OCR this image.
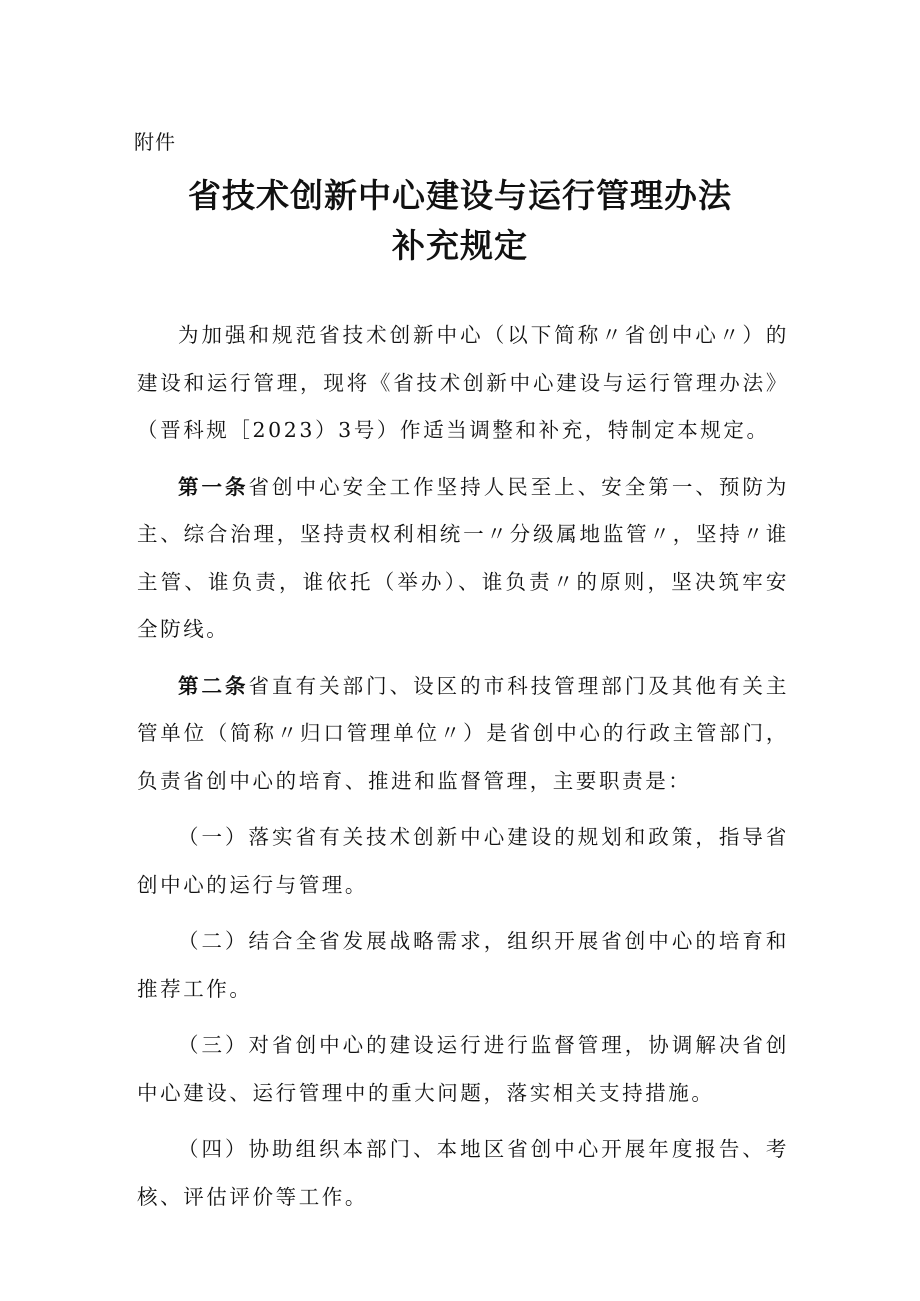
附件
省技术创新中心建设与运行管理办法
补充规定

为加强和规范省技术创新中心（以下简称〃省创中心〃）的建设和运行管理，现将《省技术创新中心建设与运行管理办法》（晋科规［2023）3号）作适当调整和补充，特制定本规定。

第一条省创中心安全工作坚持人民至上、安全第一、预防为主、综合治理，坚持责权利相统一〃分级属地监管〃，坚持〃谁主管、谁负责，谁依托（举办）、谁负责〃的原则，坚决筑牢安全防线。

第二条省直有关部门、设区的市科技管理部门及其他有关主管单位（简称〃归口管理单位〃）是省创中心的行政主管部门，负责省创中心的培育、推进和监督管理，主要职责是：

（一）落实省有关技术创新中心建设的规划和政策，指导省创中心的运行与管理。

（二）结合全省发展战略需求，组织开展省创中心的培育和推荐工作。

（三）对省创中心的建设运行进行监督管理，协调解决省创中心建设、运行管理中的重大问题，落实相关支持措施。

（四）协助组织本部门、本地区省创中心开展年度报告、考核、评估评价等工作。
